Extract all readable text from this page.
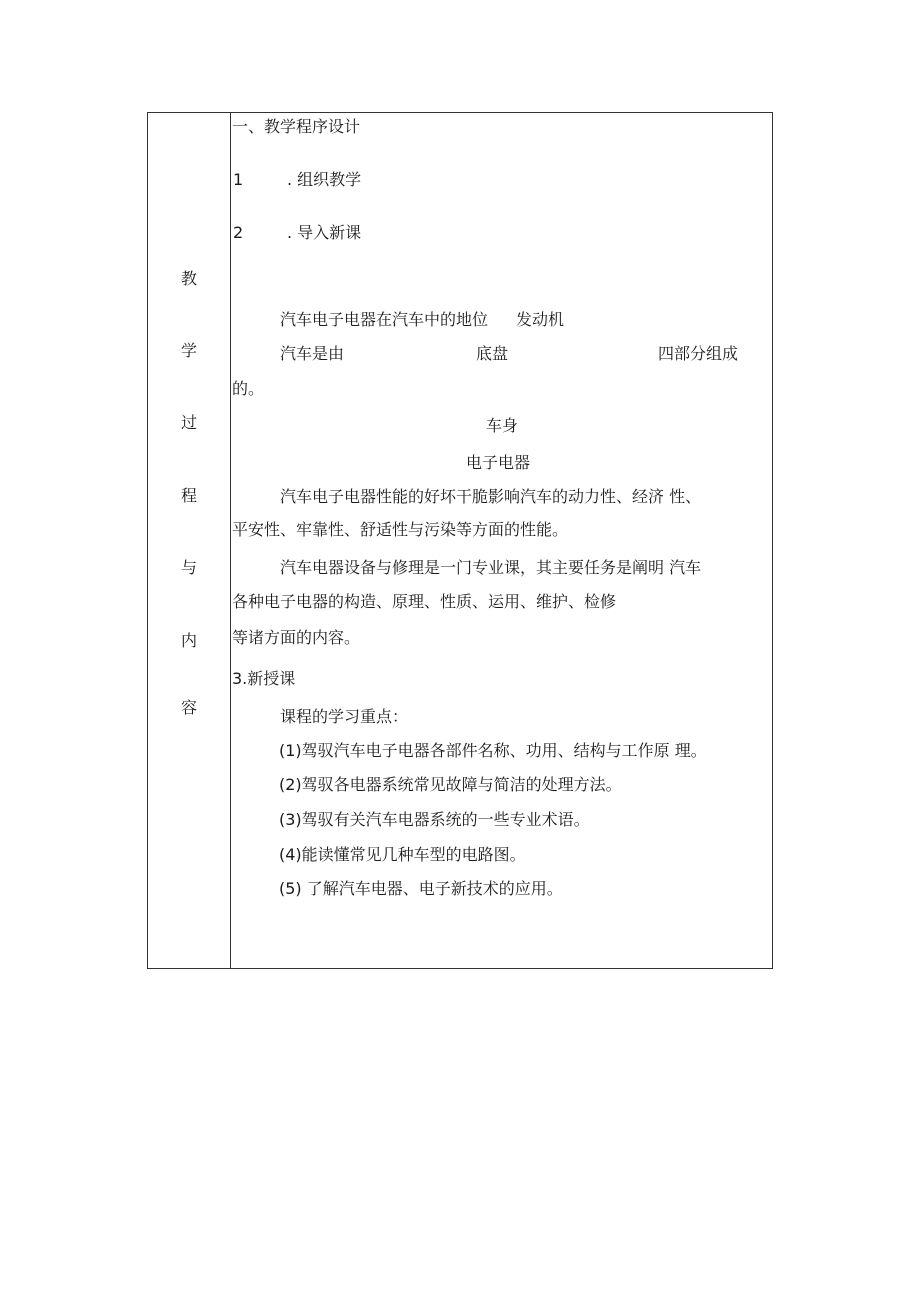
教
学
过
程
与
内
容
一、教学程序设计
1	. 组织教学
2	. 导入新课
汽车电子电器在汽车中的地位 发动机
汽车是由	底盘	四部分组成
的。
车身
电子电器
汽车电子电器性能的好坏干脆影响汽车的动力性、经济 性、
平安性、牢靠性、舒适性与污染等方面的性能。
汽车电器设备与修理是一门专业课，其主要任务是阐明 汽车
各种电子电器的构造、原理、性质、运用、维护、检修
等诸方面的内容。
3.新授课
课程的学习重点：
(1)驾驭汽车电子电器各部件名称、功用、结构与工作原 理。
(2)驾驭各电器系统常见故障与简洁的处理方法。
(3)驾驭有关汽车电器系统的一些专业术语。
(4)能读懂常见几种车型的电路图。
(5) 了解汽车电器、电子新技术的应用。
